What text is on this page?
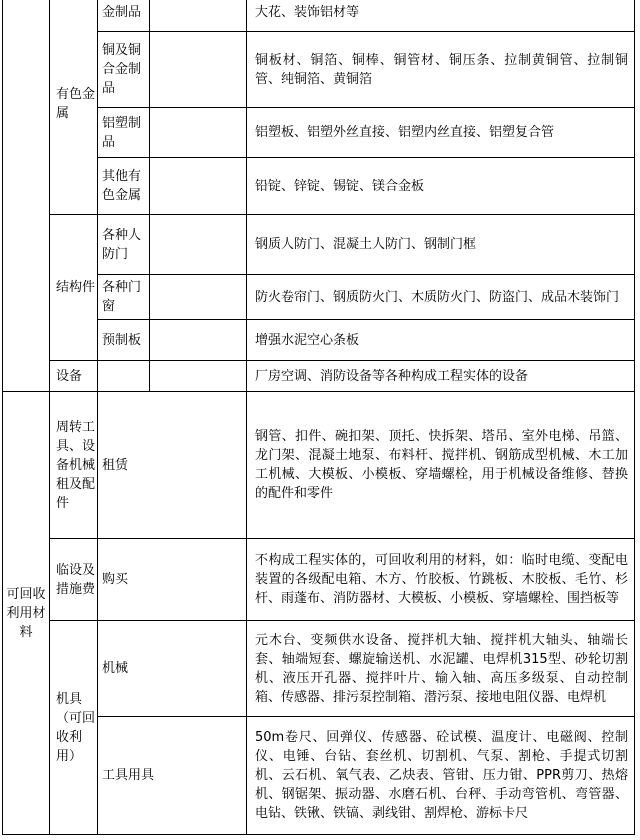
	有色金属	金制品		大花、装饰铝材等
		铜及铜合金制品		铜板材、铜箔、铜棒、铜管材、铜压条、拉制黄铜管、拉制铜管、纯铜箔、黄铜箔
		铝塑制品		铝塑板、铝塑外丝直接、铝塑内丝直接、铝塑复合管
		其他有色金属		铅锭、锌锭、锡锭、镁合金板
	结构件	各种人防门		钢质人防门、混凝土人防门、钢制门框
		各种门窗		防火卷帘门、钢质防火门、木质防火门、防盗门、成品木装饰门
		预制板		增强水泥空心条板
	设备			厂房空调、消防设备等各种构成工程实体的设备
可回收利用材料	周转工具、设备机械租及配件	租赁		钢管、扣件、碗扣架、顶托、快拆架、塔吊、室外电梯、吊篮、龙门架、混凝土地泵、布料杆、搅拌机、钢筋成型机械、木工加工机械、大模板、小模板、穿墙螺栓，用于机械设备维修、替换的配件和零件
	临设及措施费	购买		不构成工程实体的，可回收利用的材料，如：临时电缆、变配电装置的各级配电箱、木方、竹胶板、竹跳板、木胶板、毛竹、杉杆、雨蓬布、消防器材、大模板、小模板、穿墙螺栓、围挡板等
	机具（可回收利用）	机械		元木台、变频供水设备、搅拌机大轴、搅拌机大轴头、轴端长套、轴端短套、螺旋输送机、水泥罐、电焊机315型、砂轮切割机、液压开孔器、搅拌叶片、输入轴、高压多级泵、自动控制箱、传感器、排污泵控制箱、潜污泵、接地电阻仪器、电焊机
		工具用具		50m卷尺、回弹仪、传感器、砼试模、温度计、电磁阀、控制仪、电锤、台钻、套丝机、切割机、气泵、割枪、手提式切割机、云石机、氧气表、乙炔表、管钳、压力钳、PPR剪刀、热熔机、钢锯架、振动器、水磨石机、台秤、手动弯管机、弯管器、电钻、铁锹、铁镐、剥线钳、割焊枪、游标卡尺
